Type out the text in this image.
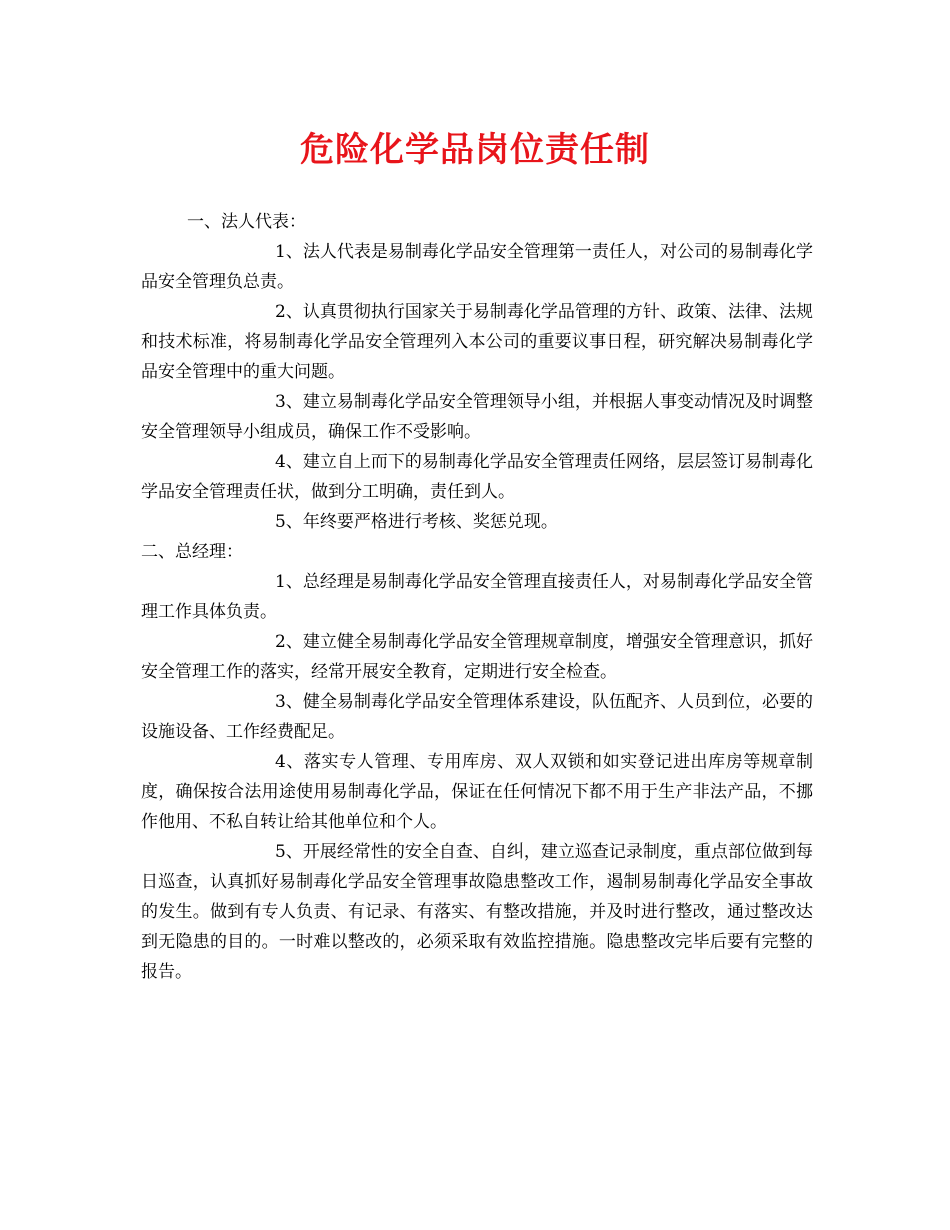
危险化学品岗位责任制

一、法人代表：

1、法人代表是易制毒化学品安全管理第一责任人，对公司的易制毒化学品安全管理负总责。

2、认真贯彻执行国家关于易制毒化学品管理的方针、政策、法律、法规和技术标准，将易制毒化学品安全管理列入本公司的重要议事日程，研究解决易制毒化学品安全管理中的重大问题。

3、建立易制毒化学品安全管理领导小组，并根据人事变动情况及时调整安全管理领导小组成员，确保工作不受影响。

4、建立自上而下的易制毒化学品安全管理责任网络，层层签订易制毒化学品安全管理责任状，做到分工明确，责任到人。

5、年终要严格进行考核、奖惩兑现。

二、总经理：

1、总经理是易制毒化学品安全管理直接责任人，对易制毒化学品安全管理工作具体负责。

2、建立健全易制毒化学品安全管理规章制度，增强安全管理意识，抓好安全管理工作的落实，经常开展安全教育，定期进行安全检查。

3、健全易制毒化学品安全管理体系建设，队伍配齐、人员到位，必要的设施设备、工作经费配足。

4、落实专人管理、专用库房、双人双锁和如实登记进出库房等规章制度，确保按合法用途使用易制毒化学品，保证在任何情况下都不用于生产非法产品，不挪作他用、不私自转让给其他单位和个人。

5、开展经常性的安全自查、自纠，建立巡查记录制度，重点部位做到每日巡查，认真抓好易制毒化学品安全管理事故隐患整改工作，遏制易制毒化学品安全事故的发生。做到有专人负责、有记录、有落实、有整改措施，并及时进行整改，通过整改达到无隐患的目的。一时难以整改的，必须采取有效监控措施。隐患整改完毕后要有完整的报告。
